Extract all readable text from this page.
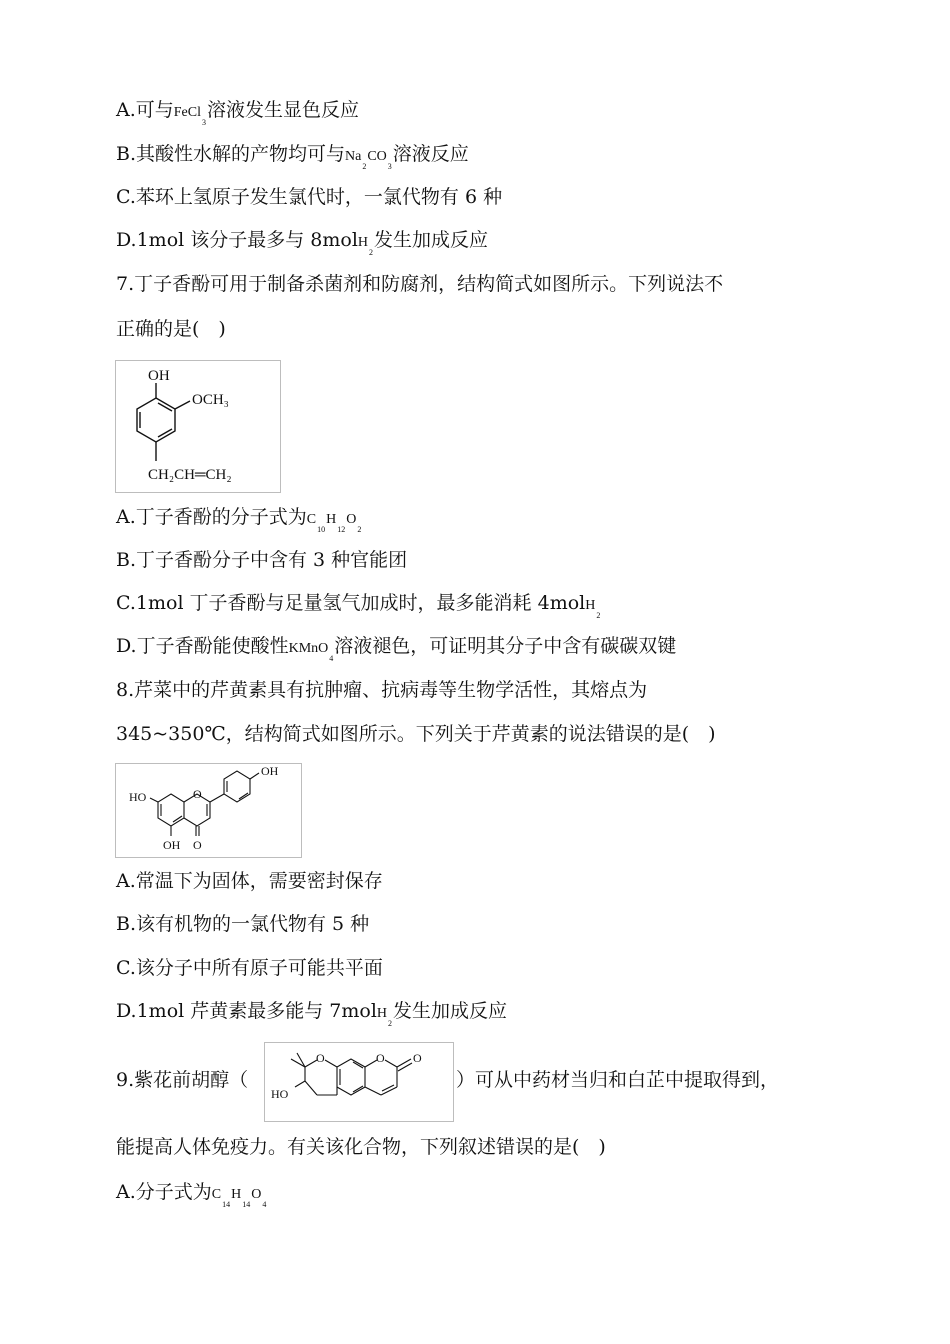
A.可与FeCl$_3$溶液发生显色反应
B.其酸性水解的产物均可与$Na_2CO_3$溶液反应
C.苯环上氢原子发生氯代时，一氯代物有 6 种
D.1mol 该分子最多与 8molH$_2$发生加成反应
7.丁子香酚可用于制备杀菌剂和防腐剂，结构简式如图所示。下列说法不
正确的是(　)
OH
OCH₃
CH₂CH═CH₂
A.丁子香酚的分子式为$C_{10}H_{12}O_2$
B.丁子香酚分子中含有 3 种官能团
C.1mol 丁子香酚与足量氢气加成时，最多能消耗 4molH$_2$
D.丁子香酚能使酸性KMnO$_4$溶液褪色，可证明其分子中含有碳碳双键
8.芹菜中的芹黄素具有抗肿瘤、抗病毒等生物学活性，其熔点为
345~350℃，结构简式如图所示。下列关于芹黄素的说法错误的是(　)
HO
OH
OH
O
O
A.常温下为固体，需要密封保存
B.该有机物的一氯代物有 5 种
C.该分子中所有原子可能共平面
D.1mol 芹黄素最多能与 7molH$_2$发生加成反应
9.紫花前胡醇（
O	O O
HO
）可从中药材当归和白芷中提取得到，
能提高人体免疫力。有关该化合物，下列叙述错误的是(　)
A.分子式为$C_{14}H_{14}O_4$
